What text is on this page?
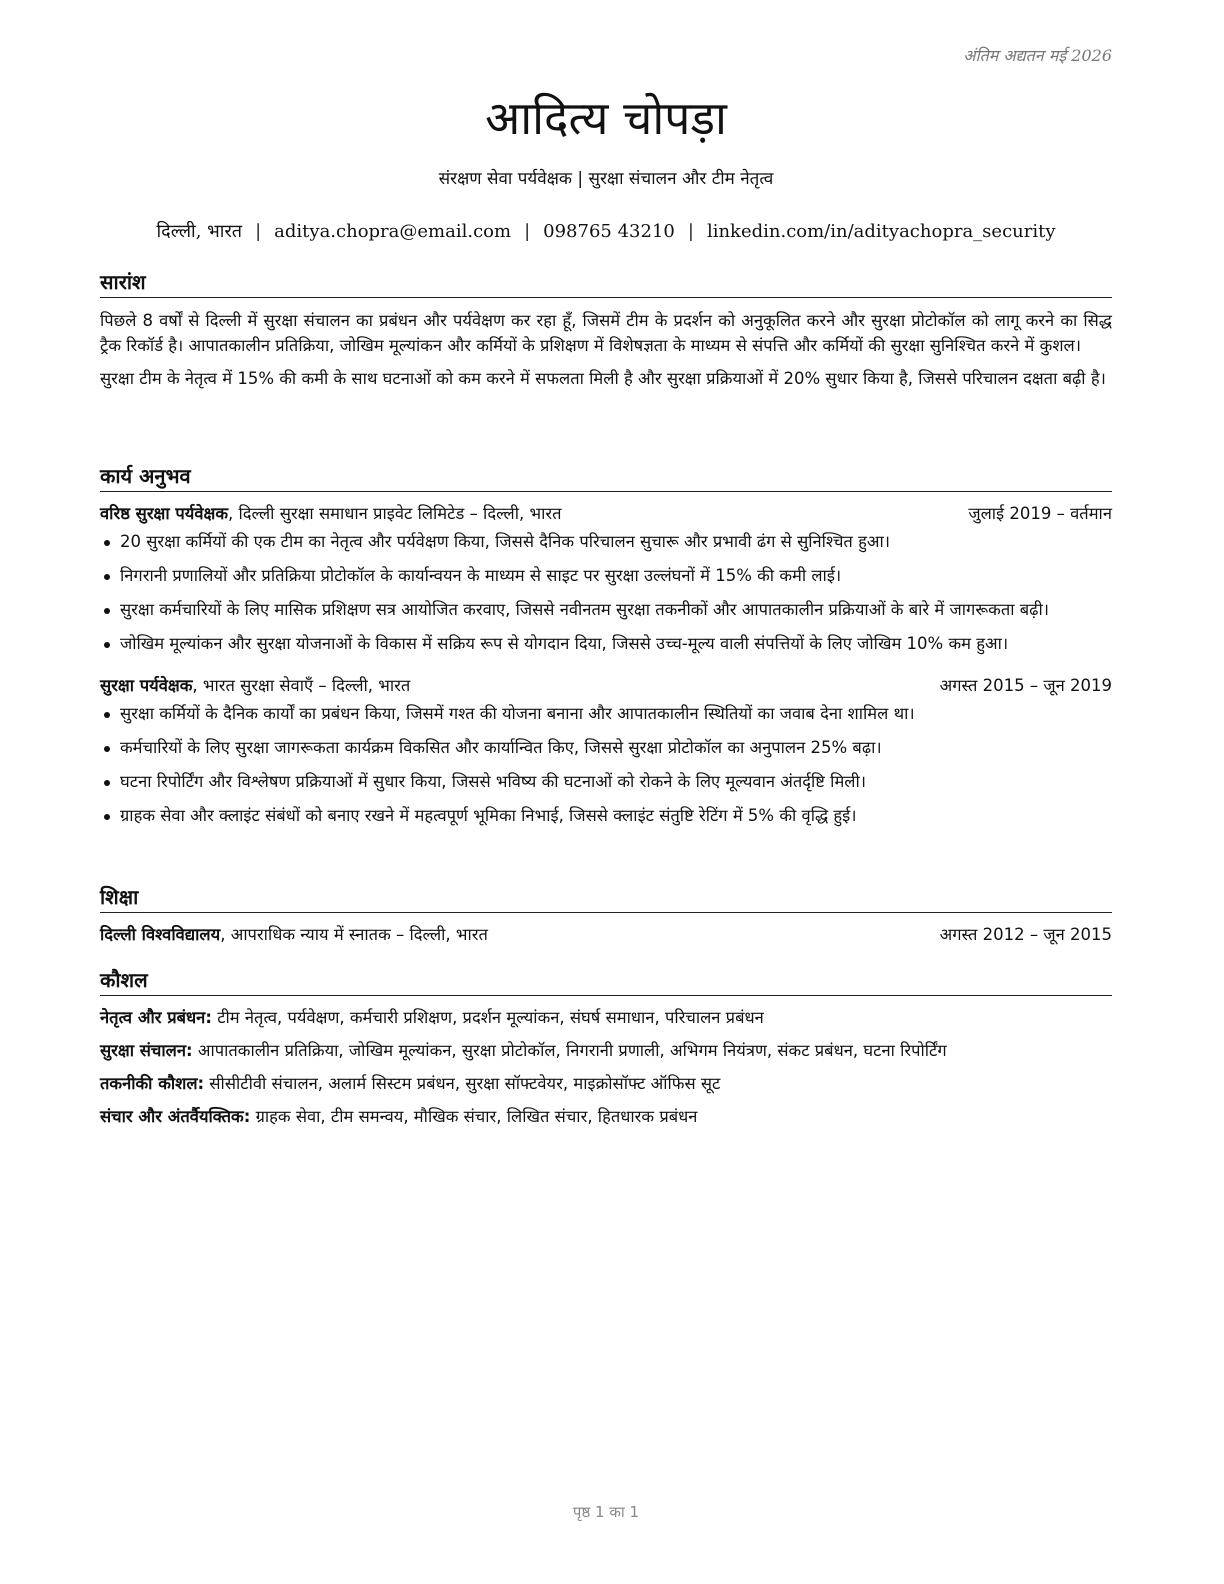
अंतिम अद्यतन मई 2026
आदित्य चोपड़ा
संरक्षण सेवा पर्यवेक्षक | सुरक्षा संचालन और टीम नेतृत्व
दिल्ली, भारत | aditya.chopra@email.com | 098765 43210 | linkedin.com/in/adityachopra_security
सारांश

पिछले 8 वर्षों से दिल्ली में सुरक्षा संचालन का प्रबंधन और पर्यवेक्षण कर रहा हूँ, जिसमें टीम के प्रदर्शन को अनुकूलित करने और सुरक्षा प्रोटोकॉल को लागू करने का सिद्ध ट्रैक रिकॉर्ड है। आपातकालीन प्रतिक्रिया, जोखिम मूल्यांकन और कर्मियों के प्रशिक्षण में विशेषज्ञता के माध्यम से संपत्ति और कर्मियों की सुरक्षा सुनिश्चित करने में कुशल।

सुरक्षा टीम के नेतृत्व में 15% की कमी के साथ घटनाओं को कम करने में सफलता मिली है और सुरक्षा प्रक्रियाओं में 20% सुधार किया है, जिससे परिचालन दक्षता बढ़ी है।

कार्य अनुभव
वरिष्ठ सुरक्षा पर्यवेक्षक, दिल्ली सुरक्षा समाधान प्राइवेट लिमिटेड – दिल्ली, भारत	जुलाई 2019 – वर्तमान
20 सुरक्षा कर्मियों की एक टीम का नेतृत्व और पर्यवेक्षण किया, जिससे दैनिक परिचालन सुचारू और प्रभावी ढंग से सुनिश्चित हुआ।
निगरानी प्रणालियों और प्रतिक्रिया प्रोटोकॉल के कार्यान्वयन के माध्यम से साइट पर सुरक्षा उल्लंघनों में 15% की कमी लाई।
सुरक्षा कर्मचारियों के लिए मासिक प्रशिक्षण सत्र आयोजित करवाए, जिससे नवीनतम सुरक्षा तकनीकों और आपातकालीन प्रक्रियाओं के बारे में जागरूकता बढ़ी।
जोखिम मूल्यांकन और सुरक्षा योजनाओं के विकास में सक्रिय रूप से योगदान दिया, जिससे उच्च-मूल्य वाली संपत्तियों के लिए जोखिम 10% कम हुआ।
सुरक्षा पर्यवेक्षक, भारत सुरक्षा सेवाएँ – दिल्ली, भारत	अगस्त 2015 – जून 2019
सुरक्षा कर्मियों के दैनिक कार्यों का प्रबंधन किया, जिसमें गश्त की योजना बनाना और आपातकालीन स्थितियों का जवाब देना शामिल था।
कर्मचारियों के लिए सुरक्षा जागरूकता कार्यक्रम विकसित और कार्यान्वित किए, जिससे सुरक्षा प्रोटोकॉल का अनुपालन 25% बढ़ा।
घटना रिपोर्टिंग और विश्लेषण प्रक्रियाओं में सुधार किया, जिससे भविष्य की घटनाओं को रोकने के लिए मूल्यवान अंतर्दृष्टि मिली।
ग्राहक सेवा और क्लाइंट संबंधों को बनाए रखने में महत्वपूर्ण भूमिका निभाई, जिससे क्लाइंट संतुष्टि रेटिंग में 5% की वृद्धि हुई।
शिक्षा
दिल्ली विश्वविद्यालय, आपराधिक न्याय में स्नातक – दिल्ली, भारत	अगस्त 2012 – जून 2015
कौशल
नेतृत्व और प्रबंधन: टीम नेतृत्व, पर्यवेक्षण, कर्मचारी प्रशिक्षण, प्रदर्शन मूल्यांकन, संघर्ष समाधान, परिचालन प्रबंधन
सुरक्षा संचालन: आपातकालीन प्रतिक्रिया, जोखिम मूल्यांकन, सुरक्षा प्रोटोकॉल, निगरानी प्रणाली, अभिगम नियंत्रण, संकट प्रबंधन, घटना रिपोर्टिंग
तकनीकी कौशल: सीसीटीवी संचालन, अलार्म सिस्टम प्रबंधन, सुरक्षा सॉफ्टवेयर, माइक्रोसॉफ्ट ऑफिस सूट
संचार और अंतर्वैयक्तिक: ग्राहक सेवा, टीम समन्वय, मौखिक संचार, लिखित संचार, हितधारक प्रबंधन
पृष्ठ 1 का 1
